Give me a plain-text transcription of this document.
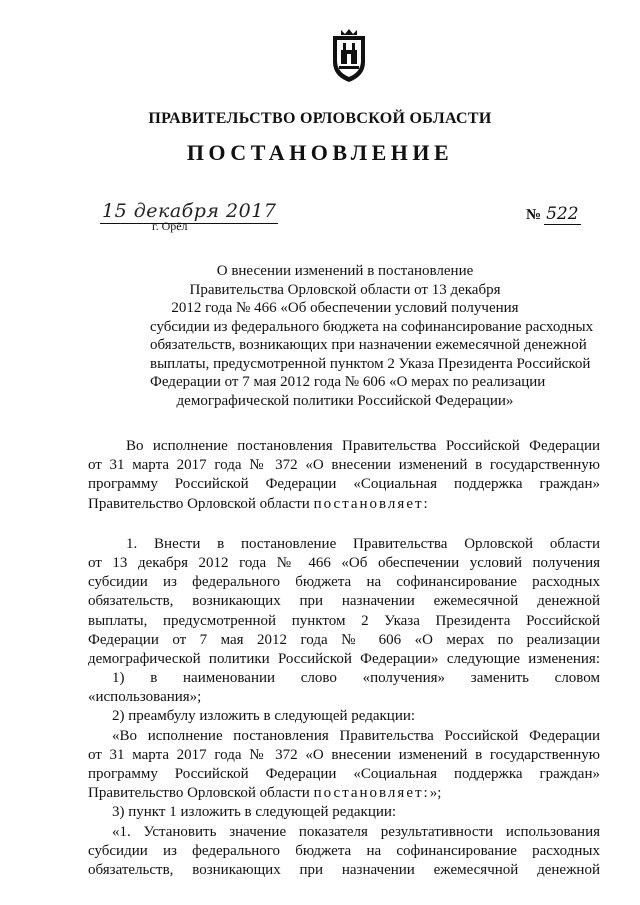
ПРАВИТЕЛЬСТВО ОРЛОВСКОЙ ОБЛАСТИ
ПОСТАНОВЛЕНИЕ
15 декабря 2017
г. Орёл
№ 522
О внесении изменений в постановление
Правительства Орловской области от 13 декабря
2012 года № 466 «Об обеспечении условий получения
субсидии из федерального бюджета на софинансирование расходных
обязательств, возникающих при назначении ежемесячной денежной
выплаты, предусмотренной пунктом 2 Указа Президента Российской
Федерации от 7 мая 2012 года № 606 «О мерах по реализации
демографической политики Российской Федерации»
Во исполнение постановления Правительства Российской Федерации
от 31 марта 2017 года № 372 «О внесении изменений в государственную
программу Российской Федерации «Социальная поддержка граждан»
Правительство Орловской области постановляет:
1. Внести в постановление Правительства Орловской области
от 13 декабря 2012 года № 466 «Об обеспечении условий получения
субсидии из федерального бюджета на софинансирование расходных
обязательств, возникающих при назначении ежемесячной денежной
выплаты, предусмотренной пунктом 2 Указа Президента Российской
Федерации от 7 мая 2012 года № 606 «О мерах по реализации
демографической политики Российской Федерации» следующие изменения:
1) в наименовании слово «получения» заменить словом
«использования»;
2) преамбулу изложить в следующей редакции:
«Во исполнение постановления Правительства Российской Федерации
от 31 марта 2017 года № 372 «О внесении изменений в государственную
программу Российской Федерации «Социальная поддержка граждан»
Правительство Орловской области постановляет:»;
3) пункт 1 изложить в следующей редакции:
«1. Установить значение показателя результативности использования
субсидии из федерального бюджета на софинансирование расходных
обязательств, возникающих при назначении ежемесячной денежной
